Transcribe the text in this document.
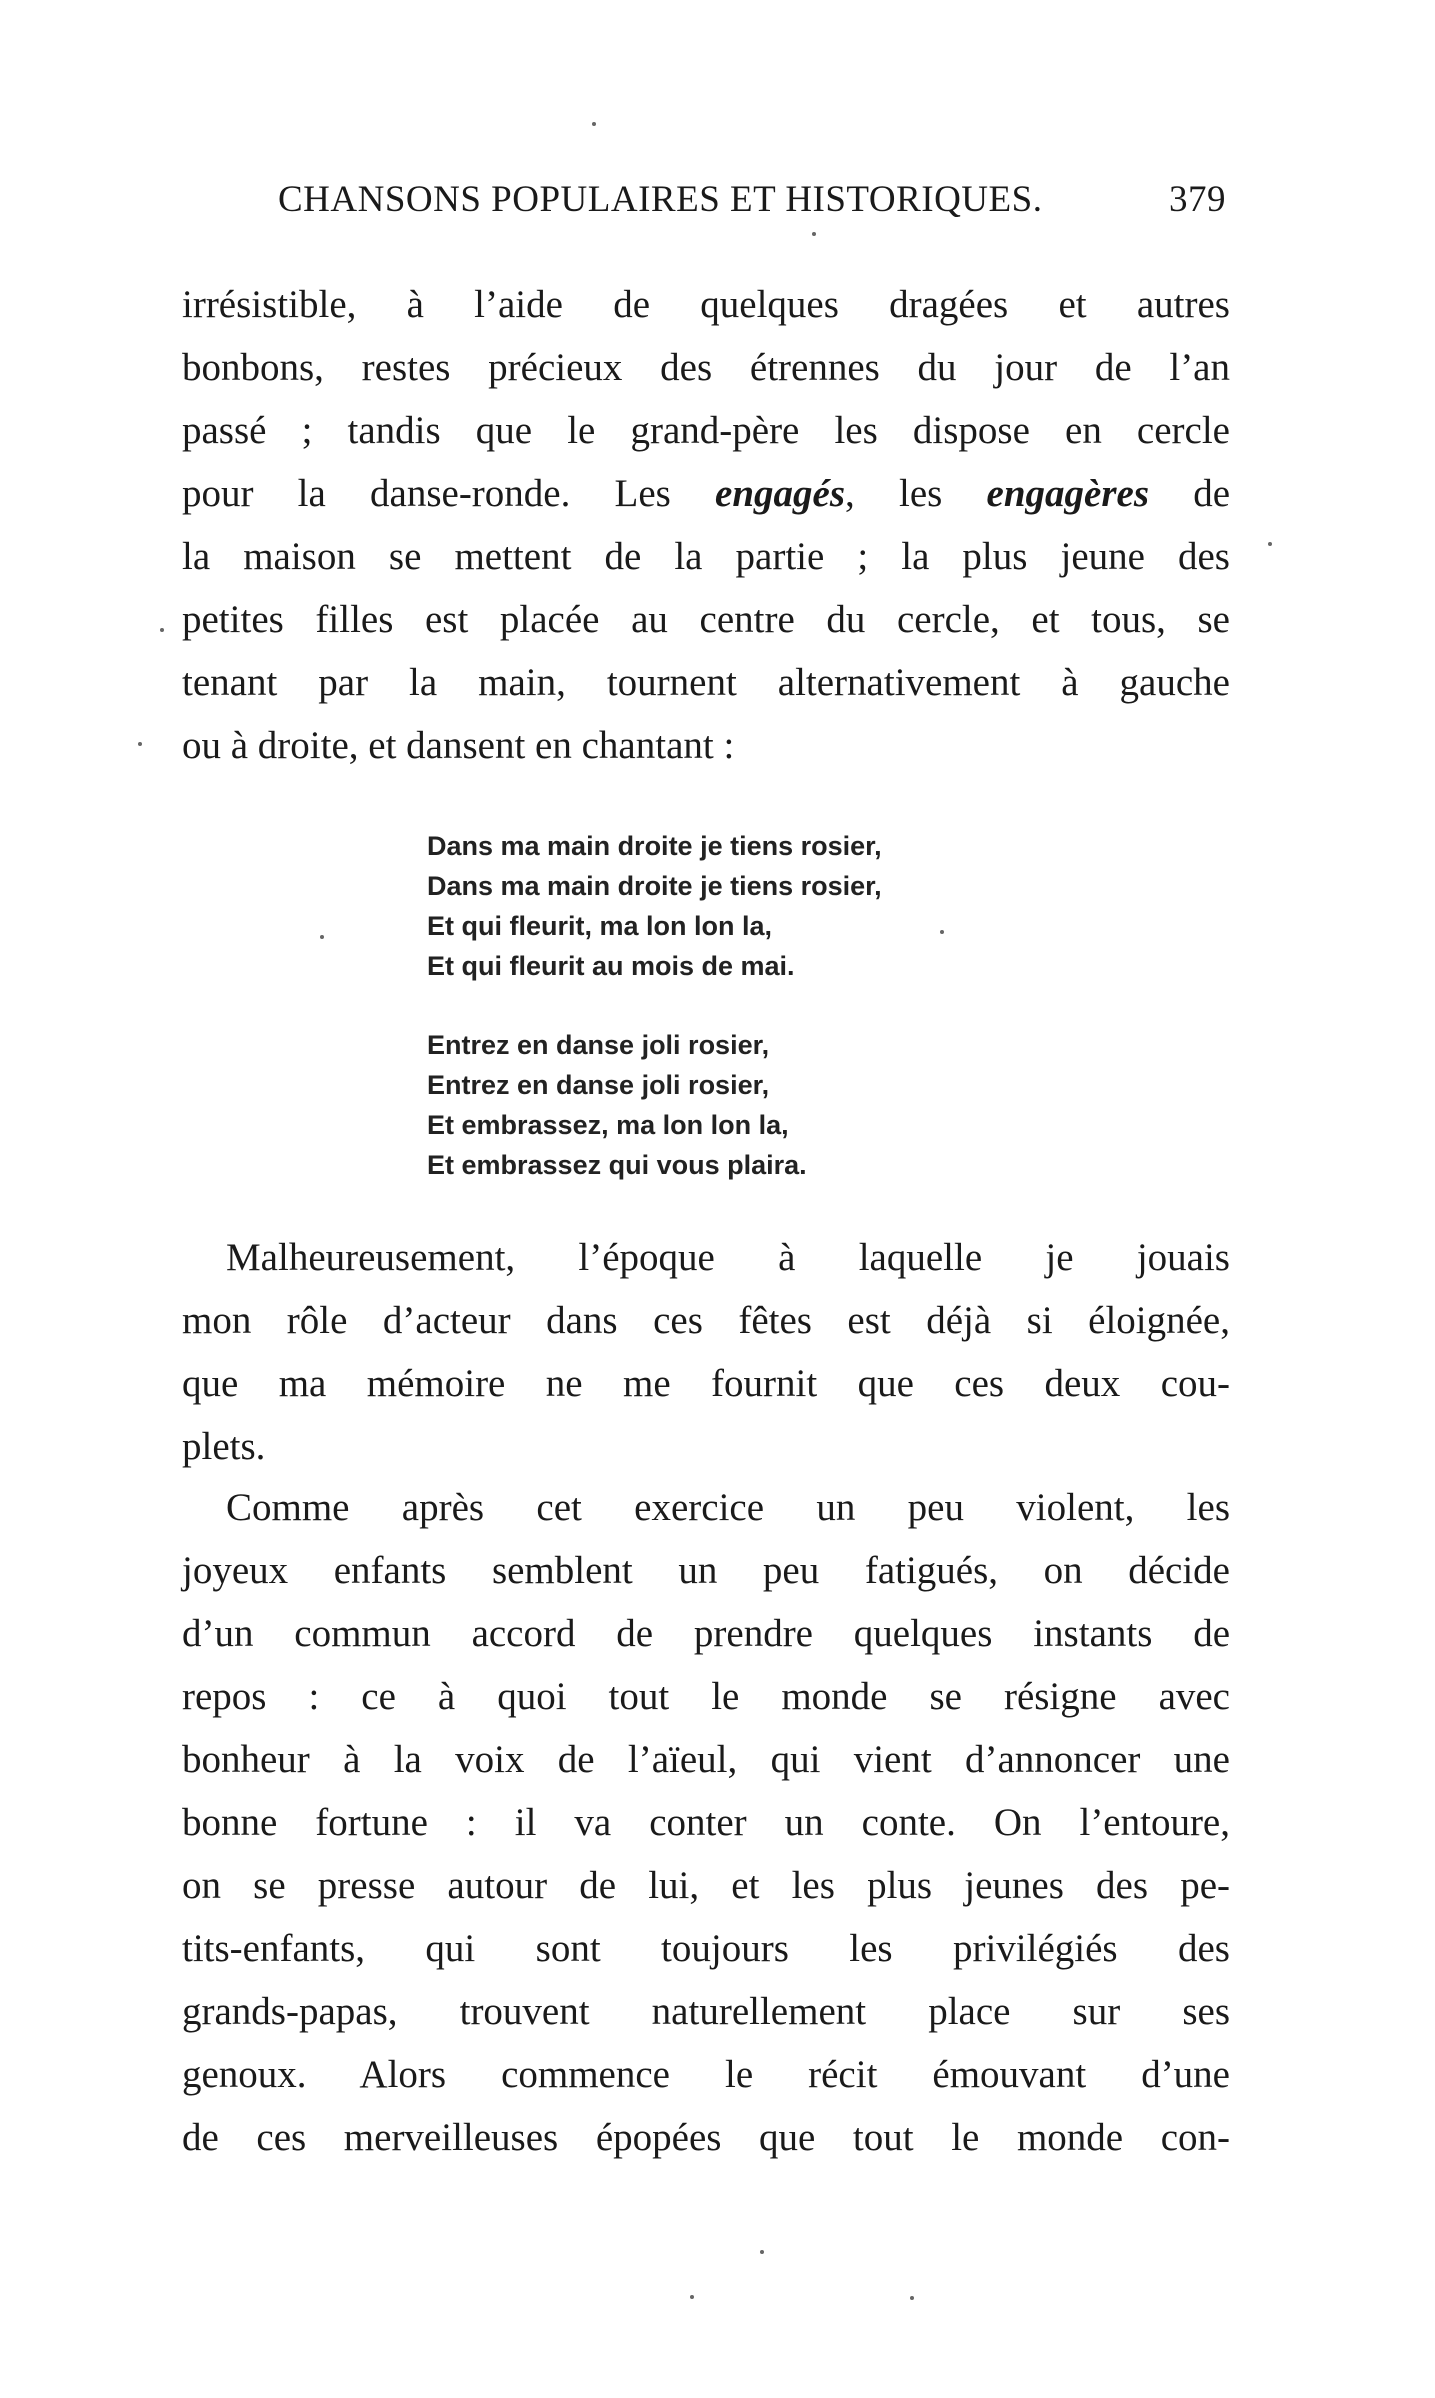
CHANSONS POPULAIRES ET HISTORIQUES.	379
irrésistible, à l’aide de quelques dragées et autres
bonbons, restes précieux des étrennes du jour de l’an
passé ; tandis que le grand-père les dispose en cercle
pour la danse-ronde. Les engagés, les engagères de
la maison se mettent de la partie ; la plus jeune des
petites filles est placée au centre du cercle, et tous, se
tenant par la main, tournent alternativement à gauche
ou à droite, et dansent en chantant :
Dans ma main droite je tiens rosier,
Dans ma main droite je tiens rosier,
Et qui fleurit, ma lon lon la,
Et qui fleurit au mois de mai.
Entrez en danse joli rosier,
Entrez en danse joli rosier,
Et embrassez, ma lon lon la,
Et embrassez qui vous plaira.
Malheureusement, l’époque à laquelle je jouais
mon rôle d’acteur dans ces fêtes est déjà si éloignée,
que ma mémoire ne me fournit que ces deux cou-
plets.
Comme après cet exercice un peu violent, les
joyeux enfants semblent un peu fatigués, on décide
d’un commun accord de prendre quelques instants de
repos : ce à quoi tout le monde se résigne avec
bonheur à la voix de l’aïeul, qui vient d’annoncer une
bonne fortune : il va conter un conte. On l’entoure,
on se presse autour de lui, et les plus jeunes des pe-
tits-enfants, qui sont toujours les privilégiés des
grands-papas, trouvent naturellement place sur ses
genoux. Alors commence le récit émouvant d’une
de ces merveilleuses épopées que tout le monde con-
